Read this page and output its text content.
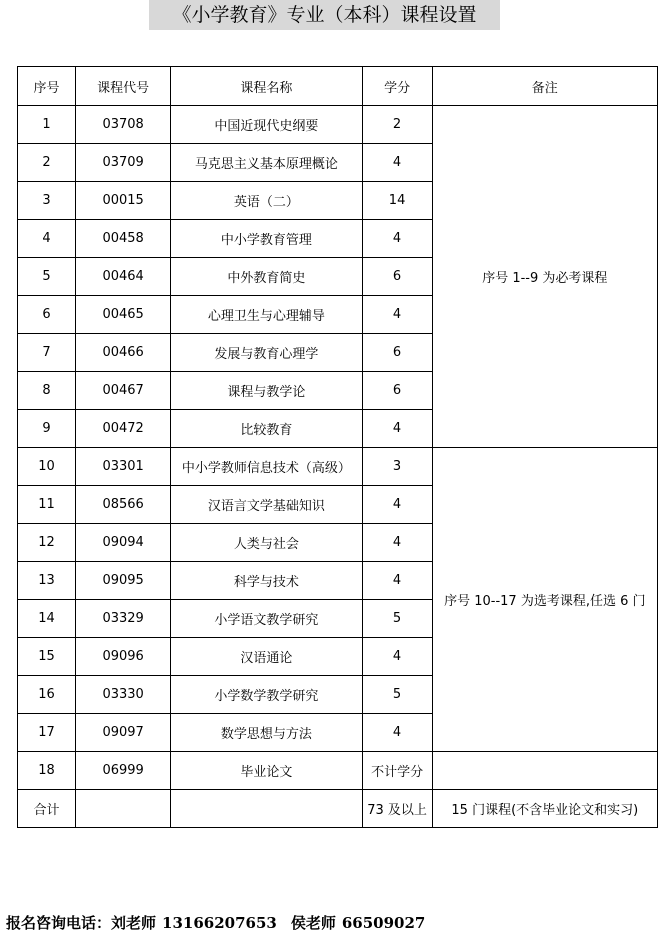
《小学教育》专业（本科）课程设置
序号	课程代号	课程名称	学分	备注
1	03708	中国近现代史纲要	2	序号 1--9 为必考课程
2	03709	马克思主义基本原理概论	4	
3	00015	英语（二）	14	
4	00458	中小学教育管理	4	
5	00464	中外教育简史	6	
6	00465	心理卫生与心理辅导	4	
7	00466	发展与教育心理学	6	
8	00467	课程与教学论	6	
9	00472	比较教育	4	
10	03301	中小学教师信息技术（高级）	3	序号 10--17 为选考课程,任选 6 门
11	08566	汉语言文学基础知识	4	
12	09094	人类与社会	4	
13	09095	科学与技术	4	
14	03329	小学语文教学研究	5	
15	09096	汉语通论	4	
16	03330	小学数学教学研究	5	
17	09097	数学思想与方法	4	
18	06999	毕业论文	不计学分	
合计			73 及以上	15 门课程(不含毕业论文和实习)
报名咨询电话：刘老师 13166207653 侯老师 66509027
